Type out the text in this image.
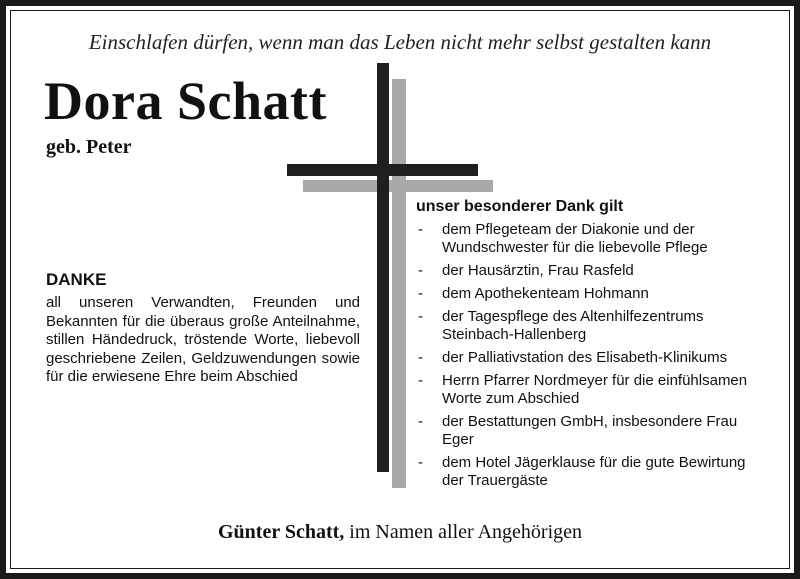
Einschlafen dürfen, wenn man das Leben nicht mehr selbst gestalten kann
Dora Schatt
geb. Peter
DANKE
all unseren Verwandten, Freunden und Bekannten für die überaus große Anteilnahme, stillen Händedruck, tröstende Worte, liebevoll geschriebene Zeilen, Geldzuwendungen sowie für die erwiesene Ehre beim Abschied
unser besonderer Dank gilt
-	dem Pflegeteam der Diakonie und der Wundschwester für die liebevolle Pflege
-	der Hausärztin, Frau Rasfeld
-	dem Apothekenteam Hohmann
-	der Tagespflege des Altenhilfezentrums Steinbach-Hallenberg
-	der Palliativstation des Elisabeth-Klinikums
-	Herrn Pfarrer Nordmeyer für die einfühlsamen Worte zum Abschied
-	der Bestattungen GmbH, insbesondere Frau Eger
-	dem Hotel Jägerklause für die gute Bewirtung der Trauergäste
Günter Schatt, im Namen aller Angehörigen
